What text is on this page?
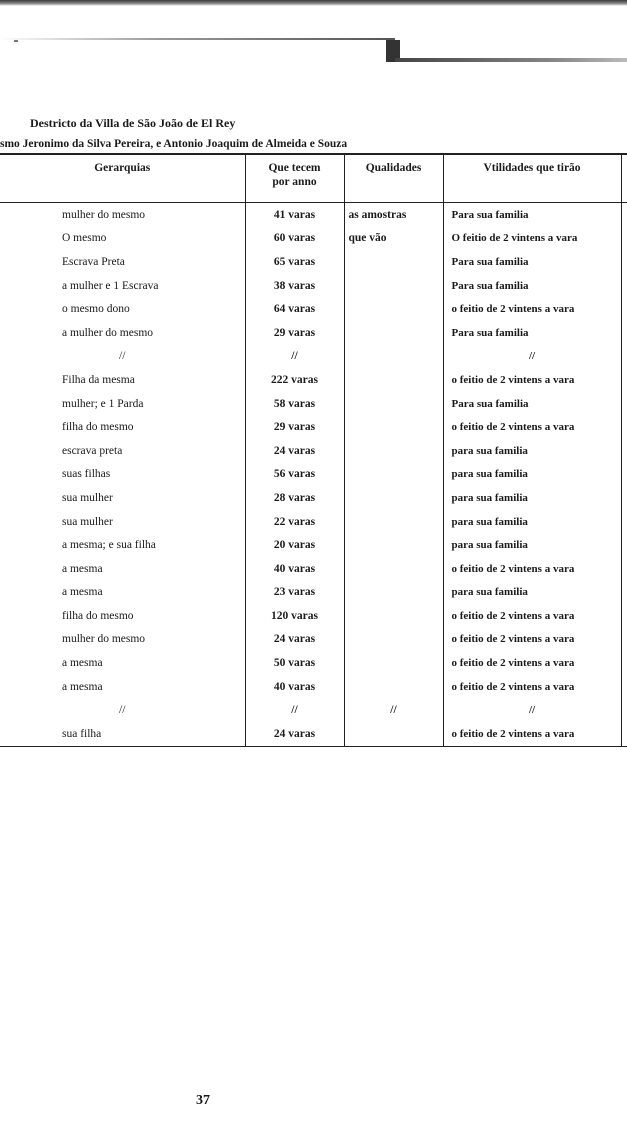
Destricto da Villa de São João de El Rey
smo Jeronimo da Silva Pereira, e Antonio Joaquim de Almeida e Souza
Gerarquias	Que tecem por anno	Qualidades	Vtilidades que tirão	
mulher do mesmo	41 varas	as amostras	Para sua familia	
O mesmo	60 varas	que vão	O feitio de 2 vintens a vara	
Escrava Preta	65 varas		Para sua familia	
a mulher e 1 Escrava	38 varas		Para sua familia	
o mesmo dono	64 varas		o feitio de 2 vintens a vara	
a mulher do mesmo	29 varas		Para sua familia	
//	//		//	
Filha da mesma	222 varas		o feitio de 2 vintens a vara	
mulher; e 1 Parda	58 varas		Para sua familia	
filha do mesmo	29 varas		o feitio de 2 vintens a vara	
escrava preta	24 varas		para sua familia	
suas filhas	56 varas		para sua familia	
sua mulher	28 varas		para sua familia	
sua mulher	22 varas		para sua familia	
a mesma; e sua filha	20 varas		para sua familia	
a mesma	40 varas		o feitio de 2 vintens a vara	
a mesma	23 varas		para sua familia	
filha do mesmo	120 varas		o feitio de 2 vintens a vara	
mulher do mesmo	24 varas		o feitio de 2 vintens a vara	
a mesma	50 varas		o feitio de 2 vintens a vara	
a mesma	40 varas		o feitio de 2 vintens a vara	
//	//	//	//	
sua filha	24 varas		o feitio de 2 vintens a vara	
37
